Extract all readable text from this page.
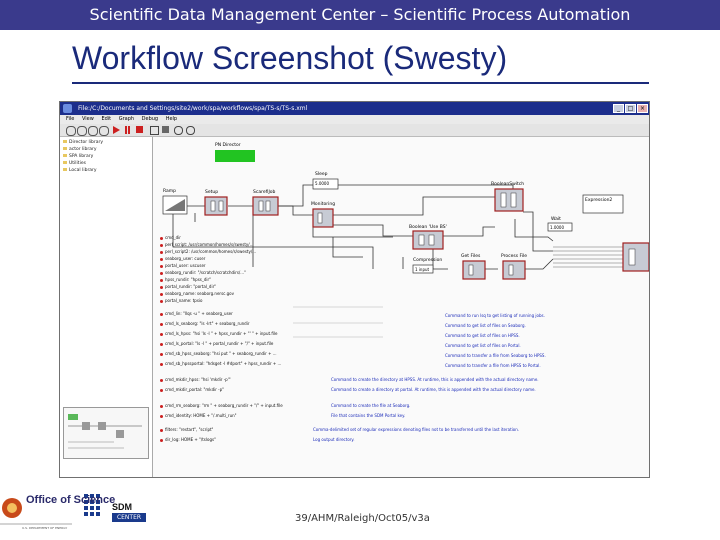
Scientific Data Management Center – Scientific Process Automation
Workflow Screenshot (Swesty)
File:/C:/Documents and Settings/site2/work/spa/workflows/spa/TS-s/TS-s.xml	_	□	×
File View Edit Graph Debug Help
Director library
actor library
SPA library
Utilities
Local library
PN Director
Ramp	Setup	ScarefiJob
Sleep
5.0000
Monitoring
BooleanSwitch
Expression2
Wait
1.0000
Boolean 'Use BS'
Compression
1 input
Get Files	Process File
cmd_dir
perl_script: /usr/common/homes/s/swesty/...
perl_script2: /usr/common/homes/s/swesty/...
seaborg_user: cuser
portal_user: uscuser
seaborg_rundir: "/scratch/scratchdirs/..."
hpss_rundir: "hpss_dir"
portal_rundir: "portal_dir"
seaborg_name: seaborg.nersc.gov
portal_name: tpsio
cmd_lin: "llqs -u " + seaborg_user
cmd_ls_seaborg: "ls -lrt" + seaborg_rundir
cmd_ls_hpss: "hsi 'ls -l " + hpss_rundir + "' " + input.file
cmd_ls_portal: "ls -l " + portal_rundir + "/" + input.file
cmd_sb_hpss_seaborg: "hsi put " + seaborg_rundir + ...
cmd_sb_hpssportal: "hdsget -l #dport" + hpss_rundir + ...
cmd_mkdir_hpss: "hsi 'mkdir -p'"
cmd_mkdir_portal: "mkdir -p"
cmd_rm_seaborg: "rm " + seaborg_rundir + "/" + input.file
cmd_identity: HOME + "/.multi_run"
filters: "restart", "script"
dir_log: HOME + "/tslogs"
Command to run lsq to get listing of running jobs.
Command to get list of files on Seaborg.
Command to get list of files on HPSS.
Command to get list of files on Portal.
Command to transfer a file from Seaborg to HPSS.
Command to transfer a file from HPSS to Portal.
Command to create the directory at HPSS. At runtime, this is appended with the actual directory name.
Command to create a directory at portal. At runtime, this is appended with the actual directory name.
Command to create the file at Seaborg.
File that contains the SDM Portal key.
Comma-delimited set of regular expressions denoting files not to be transferred until the last iteration.
Log output directory.
Office of Science
U.S. DEPARTMENT OF ENERGY
SDM
CENTER	39/AHM/Raleigh/Oct05/v3a
